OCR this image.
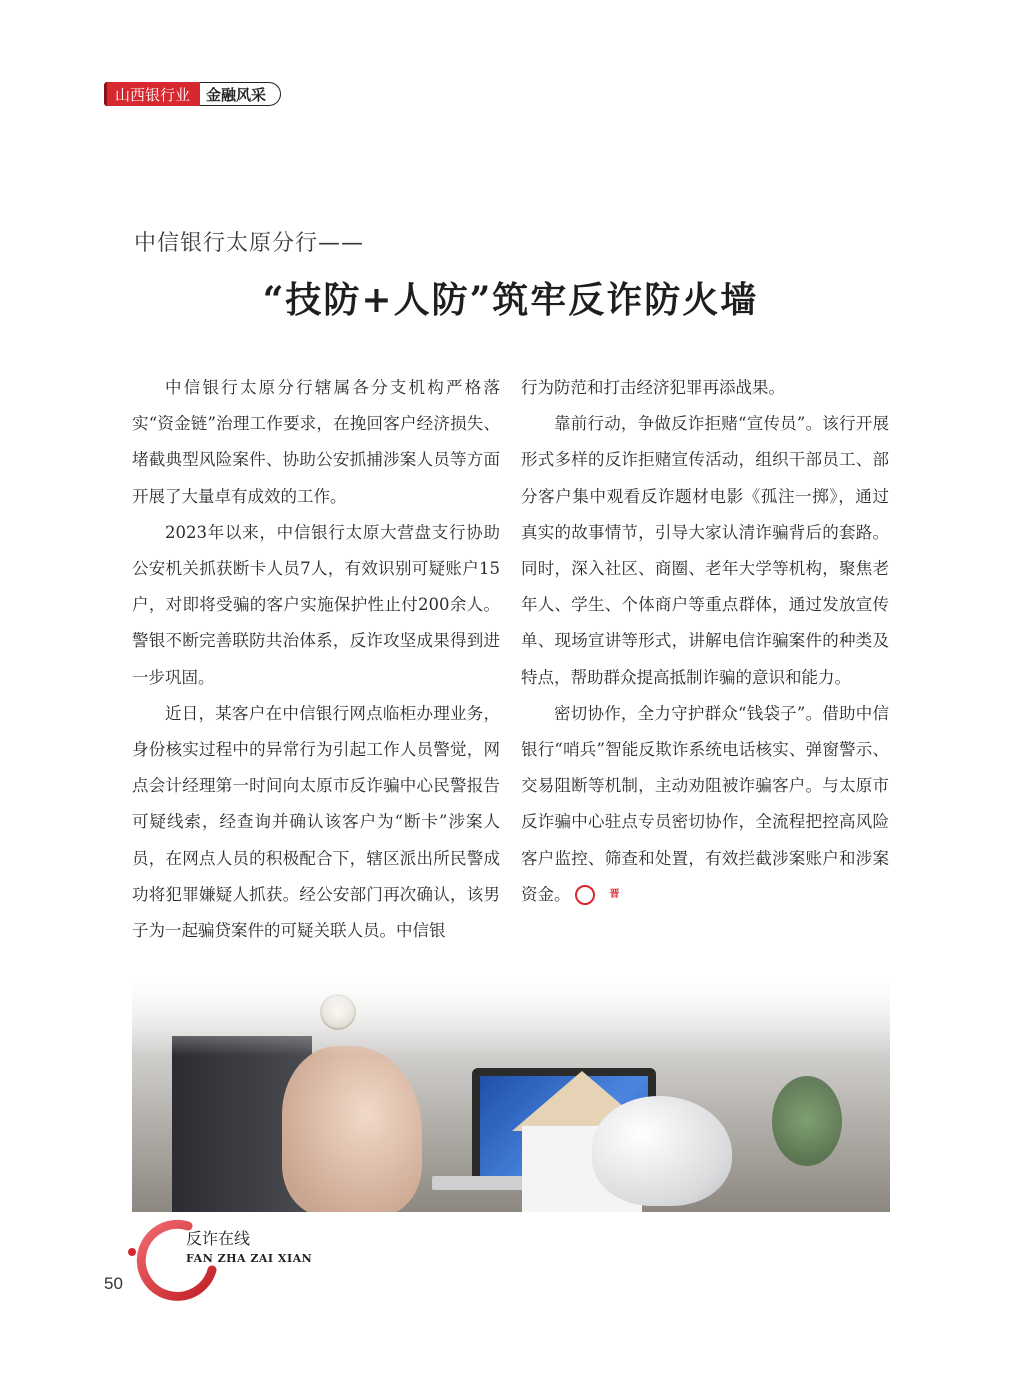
山西银行业	金融风采
中信银行太原分行——
“技防+人防”筑牢反诈防火墙

中信银行太原分行辖属各分支机构严格落实“资金链”治理工作要求，在挽回客户经济损失、堵截典型风险案件、协助公安抓捕涉案人员等方面开展了大量卓有成效的工作。

2023年以来，中信银行太原大营盘支行协助公安机关抓获断卡人员7人，有效识别可疑账户15户，对即将受骗的客户实施保护性止付200余人。警银不断完善联防共治体系，反诈攻坚成果得到进一步巩固。

近日，某客户在中信银行网点临柜办理业务，身份核实过程中的异常行为引起工作人员警觉，网点会计经理第一时间向太原市反诈骗中心民警报告可疑线索，经查询并确认该客户为“断卡”涉案人员，在网点人员的积极配合下，辖区派出所民警成功将犯罪嫌疑人抓获。经公安部门再次确认，该男子为一起骗贷案件的可疑关联人员。中信银

行为防范和打击经济犯罪再添战果。

靠前行动，争做反诈拒赌“宣传员”。该行开展形式多样的反诈拒赌宣传活动，组织干部员工、部分客户集中观看反诈题材电影《孤注一掷》，通过真实的故事情节，引导大家认清诈骗背后的套路。同时，深入社区、商圈、老年大学等机构，聚焦老年人、学生、个体商户等重点群体，通过发放宣传单、现场宣讲等形式，讲解电信诈骗案件的种类及特点，帮助群众提高抵制诈骗的意识和能力。

密切协作，全力守护群众“钱袋子”。借助中信银行“哨兵”智能反欺诈系统电话核实、弹窗警示、交易阻断等机制，主动劝阻被诈骗客户。与太原市反诈骗中心驻点专员密切协作，全流程把控高风险客户监控、筛查和处置，有效拦截涉案账户和涉案资金。	晋

反诈在线
FAN ZHA ZAI XIAN
50
